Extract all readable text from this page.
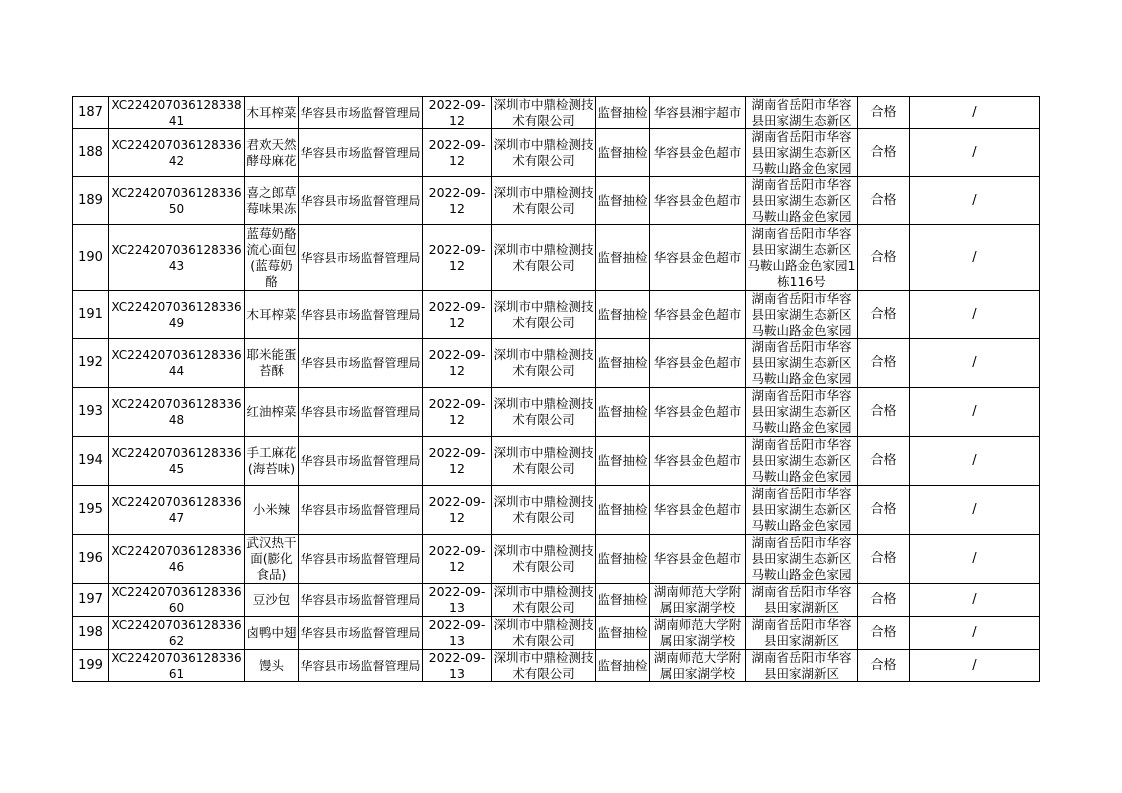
187	XC22420703612833841	木耳榨菜	华容县市场监督管理局	2022-09-12	深圳市中鼎检测技术有限公司	监督抽检	华容县湘宇超市	湖南省岳阳市华容县田家湖生态新区	合格	/

188	XC22420703612833642	君欢天然酵母麻花	华容县市场监督管理局	2022-09-12	深圳市中鼎检测技术有限公司	监督抽检	华容县金色超市	湖南省岳阳市华容县田家湖生态新区马鞍山路金色家园	合格	/

189	XC22420703612833650	喜之郎草莓味果冻	华容县市场监督管理局	2022-09-12	深圳市中鼎检测技术有限公司	监督抽检	华容县金色超市	湖南省岳阳市华容县田家湖生态新区马鞍山路金色家园	合格	/

190	XC22420703612833643	蓝莓奶酪流心面包(蓝莓奶酪	华容县市场监督管理局	2022-09-12	深圳市中鼎检测技术有限公司	监督抽检	华容县金色超市	湖南省岳阳市华容县田家湖生态新区马鞍山路金色家园1栋116号	合格	/

191	XC22420703612833649	木耳榨菜	华容县市场监督管理局	2022-09-12	深圳市中鼎检测技术有限公司	监督抽检	华容县金色超市	湖南省岳阳市华容县田家湖生态新区马鞍山路金色家园	合格	/

192	XC22420703612833644	耶米能蛋苔酥	华容县市场监督管理局	2022-09-12	深圳市中鼎检测技术有限公司	监督抽检	华容县金色超市	湖南省岳阳市华容县田家湖生态新区马鞍山路金色家园	合格	/

193	XC22420703612833648	红油榨菜	华容县市场监督管理局	2022-09-12	深圳市中鼎检测技术有限公司	监督抽检	华容县金色超市	湖南省岳阳市华容县田家湖生态新区马鞍山路金色家园	合格	/

194	XC22420703612833645	手工麻花(海苔味)	华容县市场监督管理局	2022-09-12	深圳市中鼎检测技术有限公司	监督抽检	华容县金色超市	湖南省岳阳市华容县田家湖生态新区马鞍山路金色家园	合格	/

195	XC22420703612833647	小米辣	华容县市场监督管理局	2022-09-12	深圳市中鼎检测技术有限公司	监督抽检	华容县金色超市	湖南省岳阳市华容县田家湖生态新区马鞍山路金色家园	合格	/

196	XC22420703612833646	武汉热干面(膨化食品)	华容县市场监督管理局	2022-09-12	深圳市中鼎检测技术有限公司	监督抽检	华容县金色超市	湖南省岳阳市华容县田家湖生态新区马鞍山路金色家园	合格	/

197	XC22420703612833660	豆沙包	华容县市场监督管理局	2022-09-13	深圳市中鼎检测技术有限公司	监督抽检	湖南师范大学附属田家湖学校	湖南省岳阳市华容县田家湖新区	合格	/

198	XC22420703612833662	卤鸭中翅	华容县市场监督管理局	2022-09-13	深圳市中鼎检测技术有限公司	监督抽检	湖南师范大学附属田家湖学校	湖南省岳阳市华容县田家湖新区	合格	/

199	XC22420703612833661	馒头	华容县市场监督管理局	2022-09-13	深圳市中鼎检测技术有限公司	监督抽检	湖南师范大学附属田家湖学校	湖南省岳阳市华容县田家湖新区	合格	/
